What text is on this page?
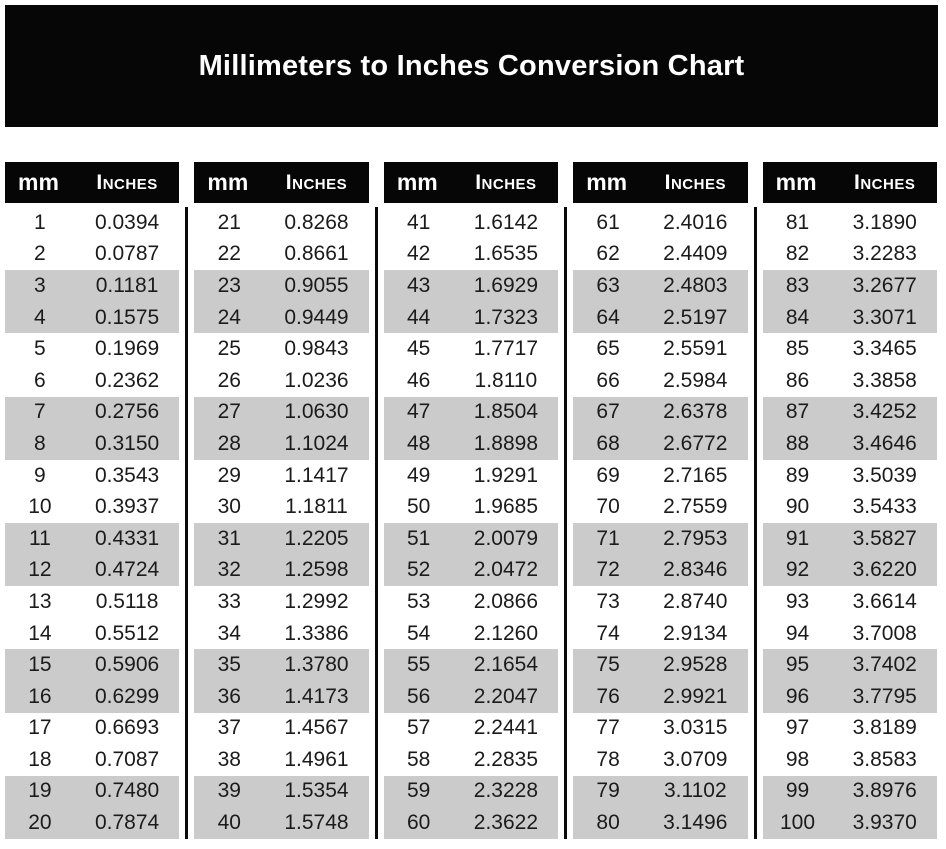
Millimeters to Inches Conversion Chart
mm	Inches
1	0.0394
2	0.0787
3	0.1181
4	0.1575
5	0.1969
6	0.2362
7	0.2756
8	0.3150
9	0.3543
10	0.3937
11	0.4331
12	0.4724
13	0.5118
14	0.5512
15	0.5906
16	0.6299
17	0.6693
18	0.7087
19	0.7480
20	0.7874
mm	Inches
21	0.8268
22	0.8661
23	0.9055
24	0.9449
25	0.9843
26	1.0236
27	1.0630
28	1.1024
29	1.1417
30	1.1811
31	1.2205
32	1.2598
33	1.2992
34	1.3386
35	1.3780
36	1.4173
37	1.4567
38	1.4961
39	1.5354
40	1.5748
mm	Inches
41	1.6142
42	1.6535
43	1.6929
44	1.7323
45	1.7717
46	1.8110
47	1.8504
48	1.8898
49	1.9291
50	1.9685
51	2.0079
52	2.0472
53	2.0866
54	2.1260
55	2.1654
56	2.2047
57	2.2441
58	2.2835
59	2.3228
60	2.3622
mm	Inches
61	2.4016
62	2.4409
63	2.4803
64	2.5197
65	2.5591
66	2.5984
67	2.6378
68	2.6772
69	2.7165
70	2.7559
71	2.7953
72	2.8346
73	2.8740
74	2.9134
75	2.9528
76	2.9921
77	3.0315
78	3.0709
79	3.1102
80	3.1496
mm	Inches
81	3.1890
82	3.2283
83	3.2677
84	3.3071
85	3.3465
86	3.3858
87	3.4252
88	3.4646
89	3.5039
90	3.5433
91	3.5827
92	3.6220
93	3.6614
94	3.7008
95	3.7402
96	3.7795
97	3.8189
98	3.8583
99	3.8976
100	3.9370
